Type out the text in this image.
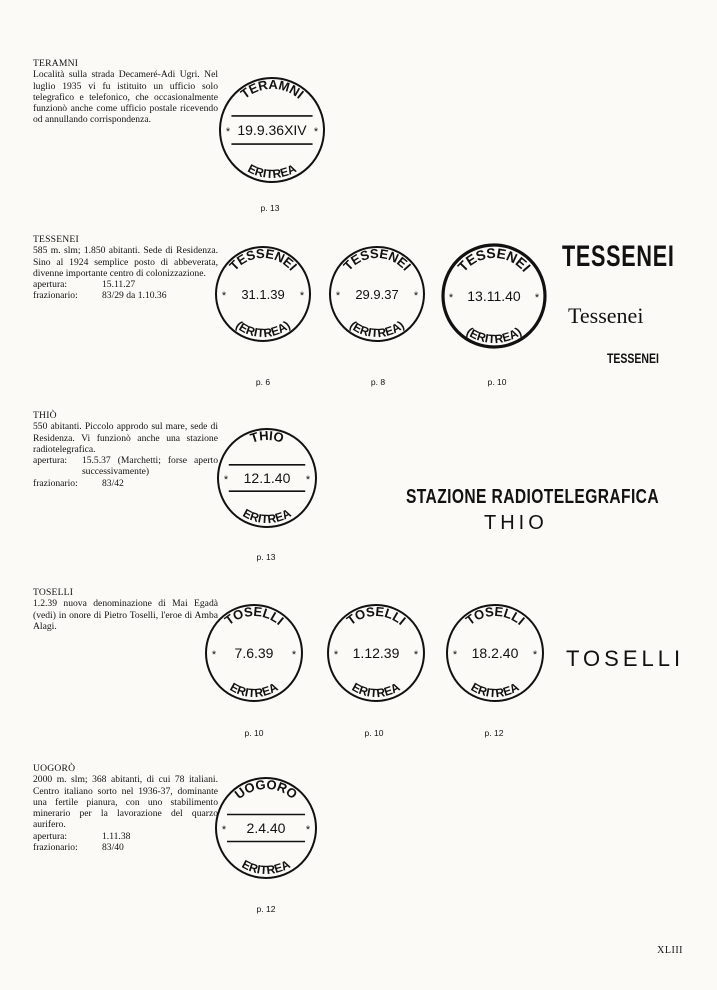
TERAMNI
Località sulla strada Decameré-Adi Ugri. Nel luglio 1935 vi fu istituito un ufficio solo telegrafico e telefonico, che occasionalmente funzionò anche come ufficio postale ricevendo od annullando corrispondenza.
TESSENEI
585 m. slm; 1.850 abitanti. Sede di Residenza. Sino al 1924 semplice posto di abbeverata, divenne importante centro di colonizzazione.
apertura:	15.11.27
frazionario:	83/29 da 1.10.36
THIÒ
550 abitanti. Piccolo approdo sul mare, sede di Residenza. Vi funzionò anche una stazione radiotelegrafica.
apertura:	15.5.37 (Marchetti; forse aperto successivamente)
frazionario:	83/42
TOSELLI
1.2.39 nuova denominazione di Mai Egadà (vedi) in onore di Pietro Toselli, l'eroe di Amba Alagi.
UOGORÒ
2000 m. slm; 368 abitanti, di cui 78 italiani. Centro italiano sorto nel 1936-37, dominante una fertile pianura, con uno stabilimento minerario per la lavorazione del quarzo aurifero.
apertura:	1.11.38
frazionario:	83/40
TERAMNI
ERITREA
19.9.36XIV
*	*
p. 13
TESSENEI
(ERITREA)
31.1.39
*	*
TESSENEI
(ERITREA)
29.9.37
*	*
TESSENEI
(ERITREA)
13.11.40
*	*
p. 6	p. 8	p. 10
TESSENEI
Tessenei
TESSENEI
THIO
ERITREA
12.1.40
*	*
p. 13
STAZIONE RADIOTELEGRAFICA
THIO
TOSELLI
ERITREA
7.6.39
*	*
TOSELLI
ERITREA
1.12.39
*	*
TOSELLI
ERITREA
18.2.40
*	*
p. 10	p. 10	p. 12
TOSELLI
UOGORO
ERITREA
2.4.40
*	*
p. 12
XLIII
